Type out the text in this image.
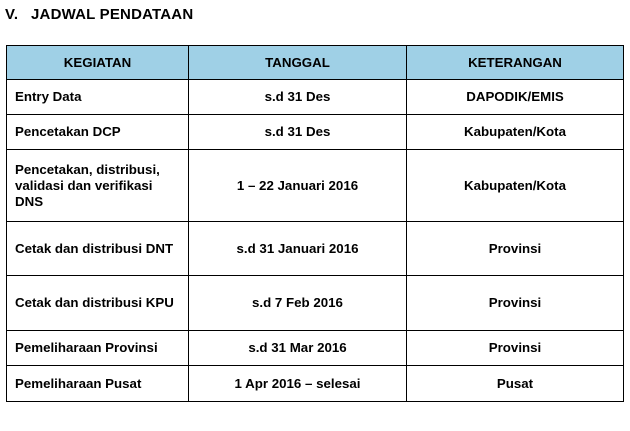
V. JADWAL PENDATAAN
KEGIATAN	TANGGAL	KETERANGAN
Entry Data	s.d 31 Des	DAPODIK/EMIS
Pencetakan DCP	s.d 31 Des	Kabupaten/Kota
Pencetakan, distribusi, validasi dan verifikasi DNS	1 – 22 Januari 2016	Kabupaten/Kota
Cetak dan distribusi DNT	s.d 31 Januari 2016	Provinsi
Cetak dan distribusi KPU	s.d 7 Feb 2016	Provinsi
Pemeliharaan Provinsi	s.d 31 Mar 2016	Provinsi
Pemeliharaan Pusat	1 Apr 2016 – selesai	Pusat
